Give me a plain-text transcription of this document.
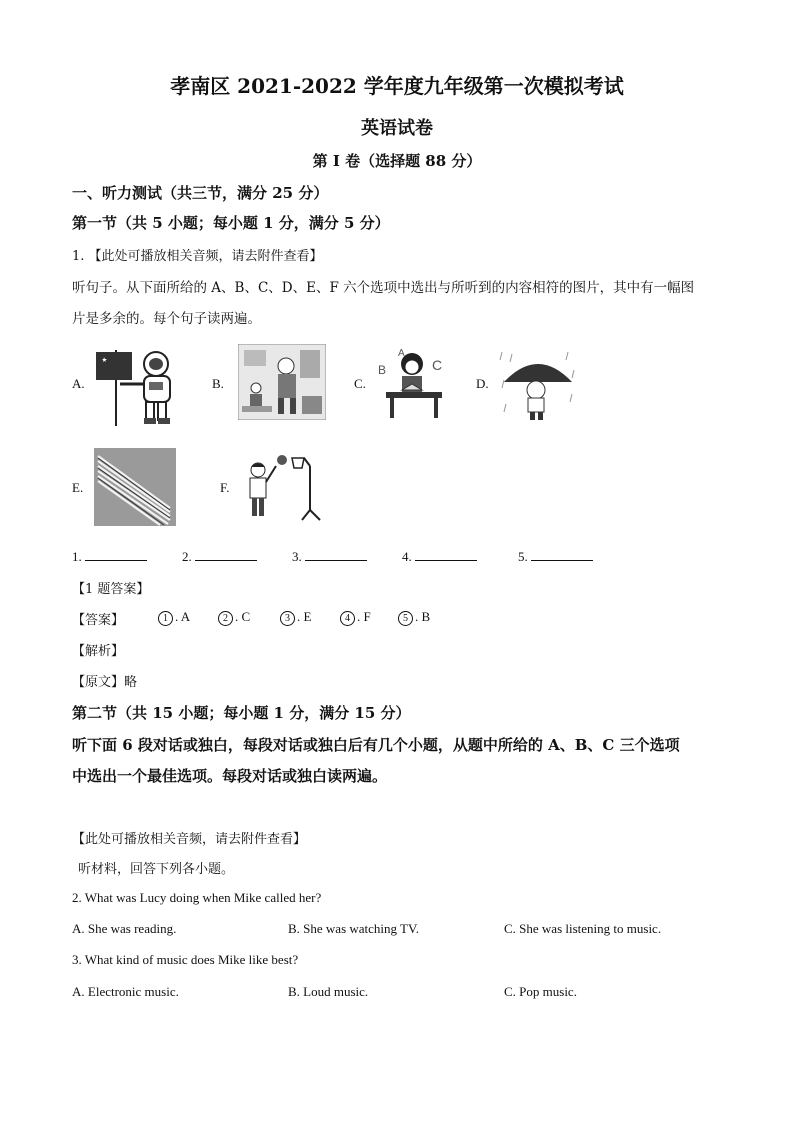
孝南区 2021-2022 学年度九年级第一次模拟考试
英语试卷
第 I 卷（选择题 88 分）
一、听力测试（共三节，满分 25 分）
第一节（共 5 小题；每小题 1 分，满分 5 分）
1. 【此处可播放相关音频，请去附件查看】
听句子。从下面所给的 A、B、C、D、E、F 六个选项中选出与所听到的内容相符的图片，其中有一幅图
片是多余的。每个句子读两遍。
A.	B.	C.
B
A
C
D.
E.	F.
1.	2.	3.	4.	5.
【1 题答案】
【答案】	1 . A	2 . C	3 . E	4 . F	5 . B
【解析】
【原文】略
第二节（共 15 小题；每小题 1 分，满分 15 分）
听下面 6 段对话或独白，每段对话或独白后有几个小题，从题中所给的 A、B、C 三个选项
中选出一个最佳选项。每段对话或独白读两遍。
【此处可播放相关音频，请去附件查看】
听材料，回答下列各小题。
2. What was Lucy doing when Mike called her?
A. She was reading.	B. She was watching TV.	C. She was listening to music.
3. What kind of music does Mike like best?
A. Electronic music.	B. Loud music.	C. Pop music.
